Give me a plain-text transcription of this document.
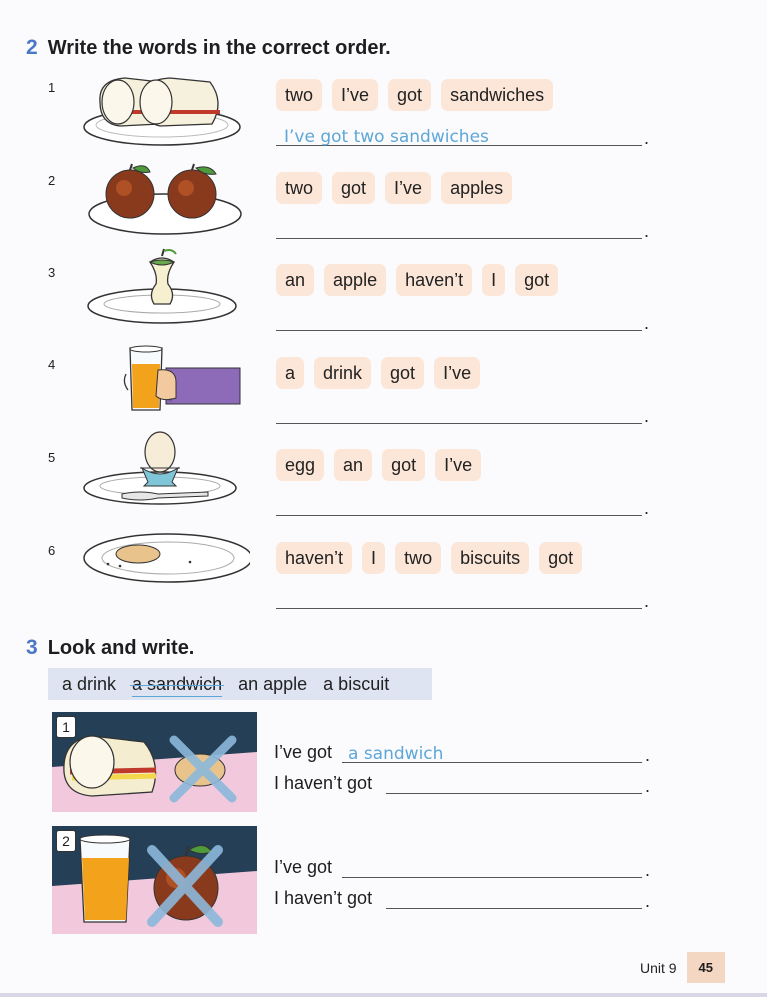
2 Write the words in the correct order.
1	two	I’ve	got	sandwiches
I’ve got two sandwiches	.
2	two	got	I’ve	apples
.
3	an	apple	haven’t	I	got
.
4	a	drink	got	I’ve
.
5	egg	an	got	I’ve
.
6	haven’t	I	two	biscuits	got
.
3 Look and write.
a drink a sandwich an apple a biscuit
1
I’ve got a sandwich	.
I haven’t got	.
2
I’ve got	.
I haven’t got	.
Unit 9	45
